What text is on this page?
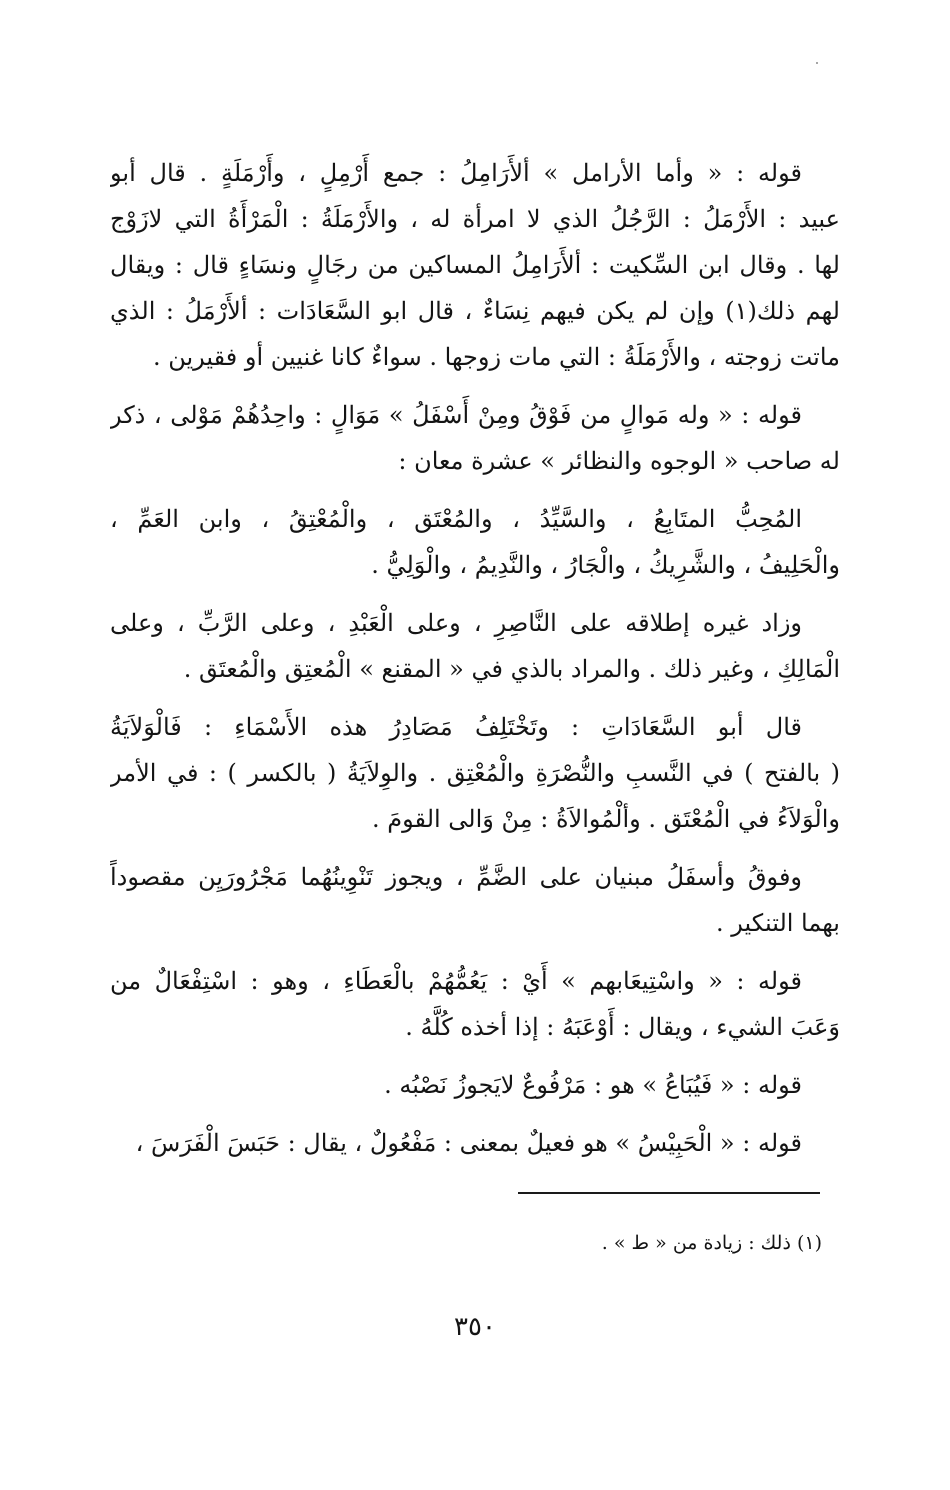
قوله : « وأما الأرامل » ألأَرَامِلُ : جمع أَرْمِلٍ ، وأَرْمَلَةٍ . قال أبو
عبيد : الأَرْمَلُ : الرَّجُلُ الذي لا امرأة له ، والأَرْمَلَةُ : الْمَرْأَةُ التي لازَوْج
لها . وقال ابن السِّكيت : ألأَرَامِلُ المساكين من رجَالٍ ونسَاءٍ قال : ويقال
لهم ذلك(١) وإن لم يكن فيهم نِسَاءٌ ، قال ابو السَّعَادَات : ألأَرْمَلُ : الذي
ماتت زوجته ، والأَرْمَلَةُ : التي مات زوجها . سواءٌ كانا غنيين أو فقيرين .
قوله : « وله مَوالٍ من فَوْقُ ومِنْ أَسْفَلُ » مَوَالٍ : واحِدُهُمْ مَوْلى ، ذكر
له صاحب « الوجوه والنظائر » عشرة معان :
المُحِبُّ المتَابِعُ ، والسَّيِّدُ ، والمُعْتَق ، والْمُعْتِقُ ، وابن العَمِّ ،
والْحَلِيفُ ، والشَّرِيكُ ، والْجَارُ ، والنَّدِيمُ ، والْوَلِيُّ .
وزاد غيره إطلاقه على النَّاصِرِ ، وعلى الْعَبْدِ ، وعلى الرَّبِّ ، وعلى
الْمَالِكِ ، وغير ذلك . والمراد بالذي في « المقنع » الْمُعتِق والْمُعتَق .
قال أبو السَّعَادَاتِ : وتَخْتَلِفُ مَصَادِرُ هذه الأَسْمَاءِ : فَالْوَلاَيَةُ
( بالفتح ) في النَّسبِ والنُّصْرَةِ والْمُعْتِق . والوِلاَيَةُ ( بالكسر ) : في الأمر
والْوَلاَءُ في الْمُعْتَق . وألْمُوالاَةُ : مِنْ وَالى القومَ .
وفوقُ وأسفَلُ مبنيان على الضَّمِّ ، ويجوز تَنْوِينُهُما مَجْرُورَيِن مقصوداً
بهما التنكير .
قوله : « واسْتِيعَابهم » أَيْ : يَعُمُّهُمْ بالْعَطَاءِ ، وهو : اسْتِفْعَالٌ من
وَعَبَ الشيء ، ويقال : أَوْعَبَهُ : إذا أخذه كُلَّهُ .
قوله : « فَيُبَاعُ » هو : مَرْفُوعٌ لايَجوزُ نَصْبُه .
قوله : « الْحَبِيْسُ » هو فعيلٌ بمعنى : مَفْعُولٌ ، يقال : حَبَسَ الْفَرَسَ ،
(١) ذلك : زيادة من « ط » .
٣٥٠
